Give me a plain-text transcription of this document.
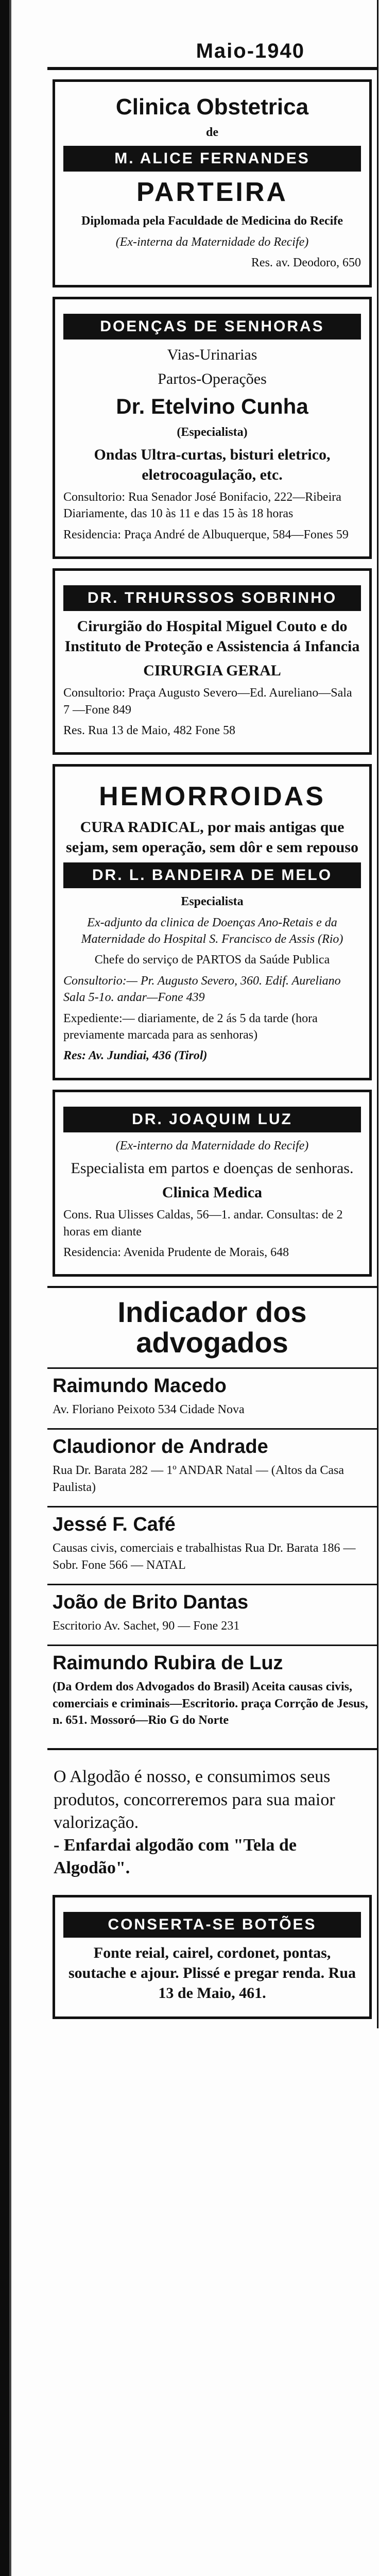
Maio-1940
Clinica Obstetrica
de
M. ALICE FERNANDES
PARTEIRA
Diplomada pela Faculdade de Medicina do Recife
(Ex-interna da Maternidade do Recife)
Res. av. Deodoro, 650
DOENÇAS DE SENHORAS
Vias-Urinarias
Partos-Operações
Dr. Etelvino Cunha
(Especialista)
Ondas Ultra-curtas, bisturi eletrico, eletrocoagulação, etc.
Consultorio: Rua Senador José Bonifacio, 222—Ribeira Diariamente, das 10 às 11 e das 15 às 18 horas
Residencia: Praça André de Albuquerque, 584—Fones 59
DR. TRHURSSOS SOBRINHO
Cirurgião do Hospital Miguel Couto e do Instituto de Proteção e Assistencia á Infancia
CIRURGIA GERAL
Consultorio: Praça Augusto Severo—Ed. Aureliano—Sala 7 —Fone 849
Res. Rua 13 de Maio, 482 Fone 58
HEMORROIDAS
CURA RADICAL, por mais antigas que sejam, sem operação, sem dôr e sem repouso
DR. L. BANDEIRA DE MELO
Especialista
Ex-adjunto da clinica de Doenças Ano-Retais e da Maternidade do Hospital S. Francisco de Assis (Rio)
Chefe do serviço de PARTOS da Saúde Publica
Consultorio:— Pr. Augusto Severo, 360. Edif. Aureliano Sala 5-1o. andar—Fone 439
Expediente:— diariamente, de 2 ás 5 da tarde (hora previamente marcada para as senhoras)
Res: Av. Jundiai, 436 (Tirol)
DR. JOAQUIM LUZ
(Ex-interno da Maternidade do Recife)
Especialista em partos e doenças de senhoras.
Clinica Medica
Cons. Rua Ulisses Caldas, 56—1. andar. Consultas: de 2 horas em diante
Residencia: Avenida Prudente de Morais, 648
Indicador dos advogados
Raimundo Macedo
Av. Floriano Peixoto 534 Cidade Nova
Claudionor de Andrade
Rua Dr. Barata 282 — 1º ANDAR Natal — (Altos da Casa Paulista)
Jessé F. Café
Causas civis, comerciais e trabalhistas Rua Dr. Barata 186 — Sobr. Fone 566 — NATAL
João de Brito Dantas
Escritorio Av. Sachet, 90 — Fone 231
Raimundo Rubira de Luz
(Da Ordem dos Advogados do Brasil) Aceita causas civis, comerciais e criminais—Escritorio. praça Corrção de Jesus, n. 651. Mossoró—Rio G do Norte
O Algodão é nosso, e consumimos seus produtos, concorreremos para sua maior valorização.
- Enfardai algodão com "Tela de Algodão".
CONSERTA-SE BOTÕES
Fonte reial, cairel, cordonet, pontas, soutache e ajour. Plissé e pregar renda. Rua 13 de Maio, 461.
